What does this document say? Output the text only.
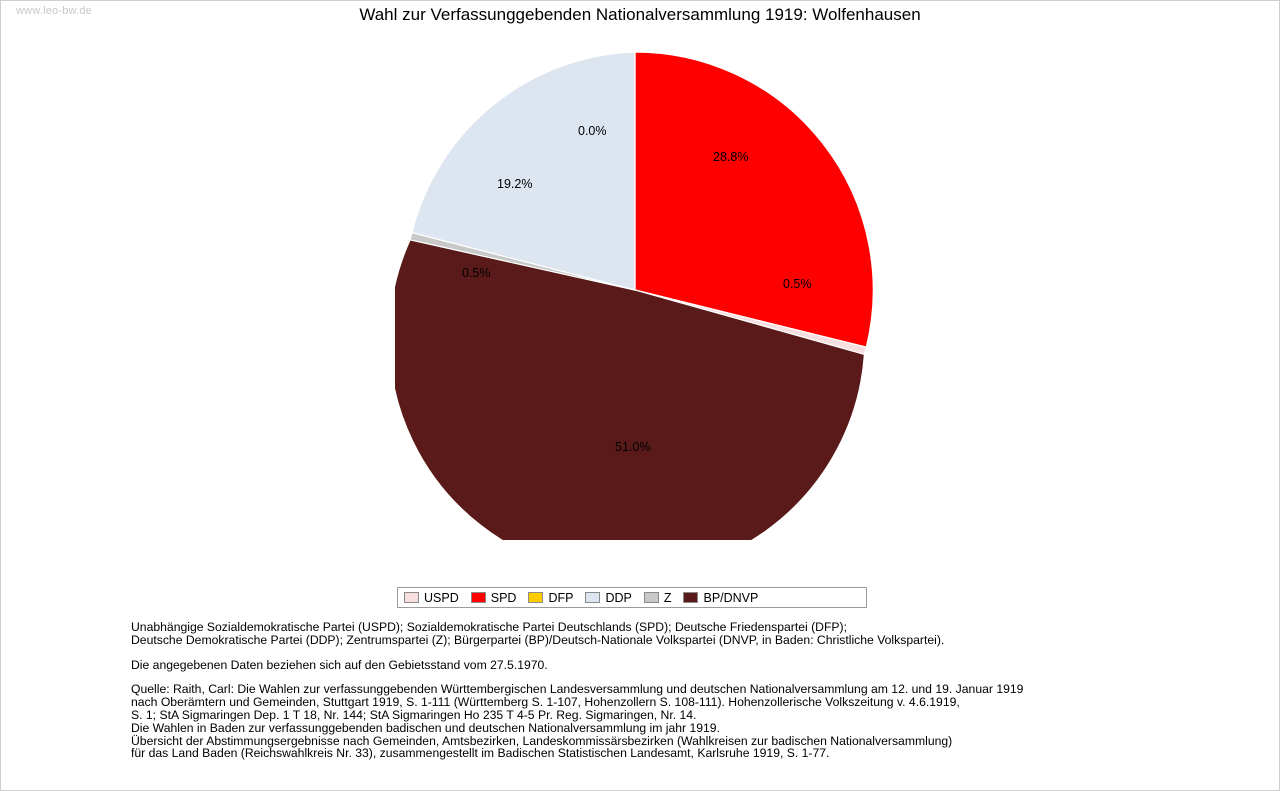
www.leo-bw.de	Wahl zur Verfassunggebenden Nationalversammlung 1919: Wolfenhausen
0.0%
28.8%
19.2%
0.5%
0.5%
51.0%
USPD	SPD	DFP	DDP	Z	BP/DNVP
Unabhängige Sozialdemokratische Partei (USPD); Sozialdemokratische Partei Deutschlands (SPD); Deutsche Friedenspartei (DFP);
Deutsche Demokratische Partei (DDP); Zentrumspartei (Z); Bürgerpartei (BP)/Deutsch-Nationale Volkspartei (DNVP, in Baden: Christliche Volkspartei).
Die angegebenen Daten beziehen sich auf den Gebietsstand vom 27.5.1970.
Quelle: Raith, Carl: Die Wahlen zur verfassunggebenden Württembergischen Landesversammlung und deutschen Nationalversammlung am 12. und 19. Januar 1919
nach Oberämtern und Gemeinden, Stuttgart 1919, S. 1-111 (Württemberg S. 1-107, Hohenzollern S. 108-111). Hohenzollerische Volkszeitung v. 4.6.1919,
S. 1; StA Sigmaringen Dep. 1 T 18, Nr. 144; StA Sigmaringen Ho 235 T 4-5 Pr. Reg. Sigmaringen, Nr. 14.
Die Wahlen in Baden zur verfassunggebenden badischen und deutschen Nationalversammlung im jahr 1919.
Übersicht der Abstimmungsergebnisse nach Gemeinden, Amtsbezirken, Landeskommissärsbezirken (Wahlkreisen zur badischen Nationalversammlung)
für das Land Baden (Reichswahlkreis Nr. 33), zusammengestellt im Badischen Statistischen Landesamt, Karlsruhe 1919, S. 1-77.
